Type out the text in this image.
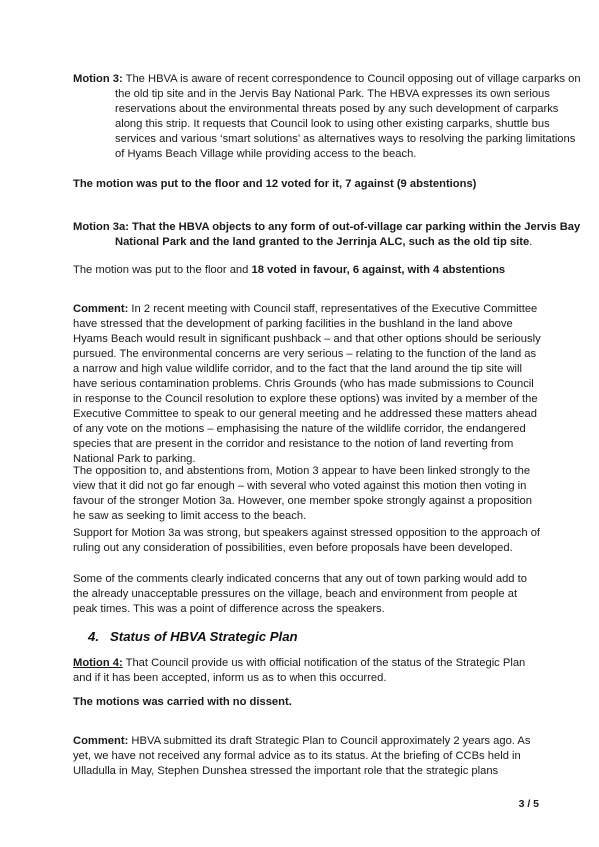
Motion 3: The HBVA is aware of recent correspondence to Council opposing out of village carparks on the old tip site and in the Jervis Bay National Park. The HBVA expresses its own serious reservations about the environmental threats posed by any such development of carparks along this strip. It requests that Council look to using other existing carparks, shuttle bus services and various ‘smart solutions’ as alternatives ways to resolving the parking limitations of Hyams Beach Village while providing access to the beach.

The motion was put to the floor and 12 voted for it, 7 against (9 abstentions)

Motion 3a: That the HBVA objects to any form of out-of-village car parking within the Jervis Bay National Park and the land granted to the Jerrinja ALC, such as the old tip site.

The motion was put to the floor and 18 voted in favour, 6 against, with 4 abstentions

Comment: In 2 recent meeting with Council staff, representatives of the Executive Committee have stressed that the development of parking facilities in the bushland in the land above Hyams Beach would result in significant pushback – and that other options should be seriously pursued. The environmental concerns are very serious – relating to the function of the land as a narrow and high value wildlife corridor, and to the fact that the land around the tip site will have serious contamination problems. Chris Grounds (who has made submissions to Council in response to the Council resolution to explore these options) was invited by a member of the Executive Committee to speak to our general meeting and he addressed these matters ahead of any vote on the motions – emphasising the nature of the wildlife corridor, the endangered species that are present in the corridor and resistance to the notion of land reverting from National Park to parking.

The opposition to, and abstentions from, Motion 3 appear to have been linked strongly to the view that it did not go far enough – with several who voted against this motion then voting in favour of the stronger Motion 3a. However, one member spoke strongly against a proposition he saw as seeking to limit access to the beach.

Support for Motion 3a was strong, but speakers against stressed opposition to the approach of ruling out any consideration of possibilities, even before proposals have been developed.

Some of the comments clearly indicated concerns that any out of town parking would add to the already unacceptable pressures on the village, beach and environment from people at peak times. This was a point of difference across the speakers.

4. Status of HBVA Strategic Plan

Motion 4: That Council provide us with official notification of the status of the Strategic Plan and if it has been accepted, inform us as to when this occurred.

The motions was carried with no dissent.

Comment: HBVA submitted its draft Strategic Plan to Council approximately 2 years ago. As yet, we have not received any formal advice as to its status. At the briefing of CCBs held in Ulladulla in May, Stephen Dunshea stressed the important role that the strategic plans

3 / 5
